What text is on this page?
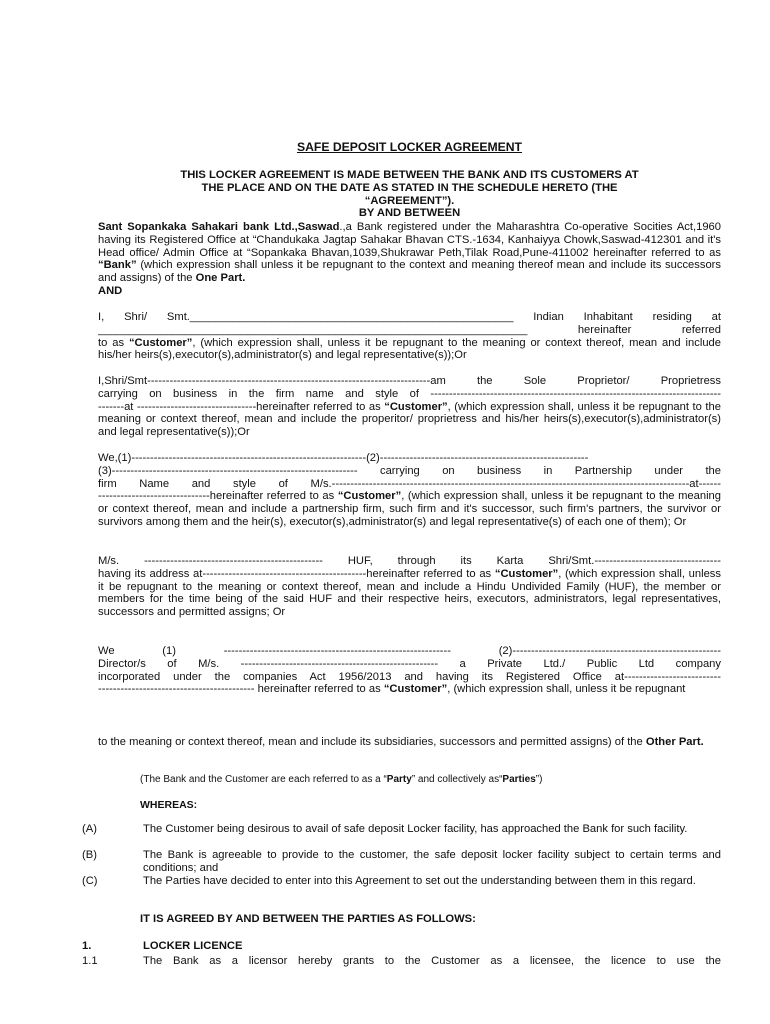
SAFE DEPOSIT LOCKER AGREEMENT
THIS LOCKER AGREEMENT IS MADE BETWEEN THE BANK AND ITS CUSTOMERS AT
THE PLACE AND ON THE DATE AS STATED IN THE SCHEDULE HERETO (THE
“AGREEMENT”).
BY AND BETWEEN
Sant Sopankaka Sahakari bank Ltd.,Saswad.,a Bank registered under the Maharashtra Co-operative Socities Act,1960 having its Registered Office at “Chandukaka Jagtap Sahakar Bhavan CTS.-1634, Kanhaiyya Chowk,Saswad-412301 and it's Head office/ Admin Office at “Sopankaka Bhavan,1039,Shukrawar Peth,Tilak Road,Pune-411002 hereinafter referred to as “Bank” (which expression shall unless it be repugnant to the context and meaning thereof mean and include its successors and assigns) of the One Part.
AND
I, Shri/ Smt.____________________________________________________ Indian Inhabitant residing at
_____________________________________________________________________ hereinafter referred
to as “Customer”, (which expression shall, unless it be repugnant to the meaning or context thereof, mean and include his/her heirs(s),executor(s),administrator(s) and legal representative(s));Or
I,Shri/Smt----------------------------------------------------------------------------am the Sole Proprietor/ Proprietress
carrying on business in the firm name and style of ------------------------------------------------------------------------------
-------at --------------------------------hereinafter referred to as “Customer”, (which expression shall, unless it be repugnant to the meaning or context thereof, mean and include the properitor/ proprietress and his/her heirs(s),executor(s),administrator(s) and legal representative(s));Or
We,(1)---------------------------------------------------------------(2)--------------------------------------------------------
(3)------------------------------------------------------------------ carrying on business in Partnership under the
firm Name and style of M/s.------------------------------------------------------------------------------------------------at------
------------------------------hereinafter referred to as “Customer”, (which expression shall, unless it be repugnant to the meaning or context thereof, mean and include a partnership firm, such firm and it's successor, such firm's partners, the survivor or survivors among them and the heir(s), executor(s),administrator(s) and legal representative(s) of each one of them); Or
M/s. ------------------------------------------------ HUF, through its Karta Shri/Smt.----------------------------------
having its address at--------------------------------------------hereinafter referred to as “Customer”, (which expression shall, unless it be repugnant to the meaning or context thereof, mean and include a Hindu Undivided Family (HUF), the member or members for the time being of the said HUF and their respective heirs, executors, administrators, legal representatives, successors and permitted assigns; Or
We (1) ------------------------------------------------------------- (2)--------------------------------------------------------
Director/s of M/s. ----------------------------------------------------- a Private Ltd./ Public Ltd company
incorporated under the companies Act 1956/2013 and having its Registered Office at--------------------------
------------------------------------------ hereinafter referred to as “Customer”, (which expression shall, unless it be repugnant
to the meaning or context thereof, mean and include its subsidiaries, successors and permitted assigns) of the Other Part.
(The Bank and the Customer are each referred to as a “Party” and collectively as“Parties”)
WHEREAS:
(A)	The Customer being desirous to avail of safe deposit Locker facility, has approached the Bank for such facility.
(B)	The Bank is agreeable to provide to the customer, the safe deposit locker facility subject to certain terms and conditions; and
(C)	The Parties have decided to enter into this Agreement to set out the understanding between them in this regard.
IT IS AGREED BY AND BETWEEN THE PARTIES AS FOLLOWS:
1.	LOCKER LICENCE
1.1	The Bank as a licensor hereby grants to the Customer as a licensee, the licence to use the
